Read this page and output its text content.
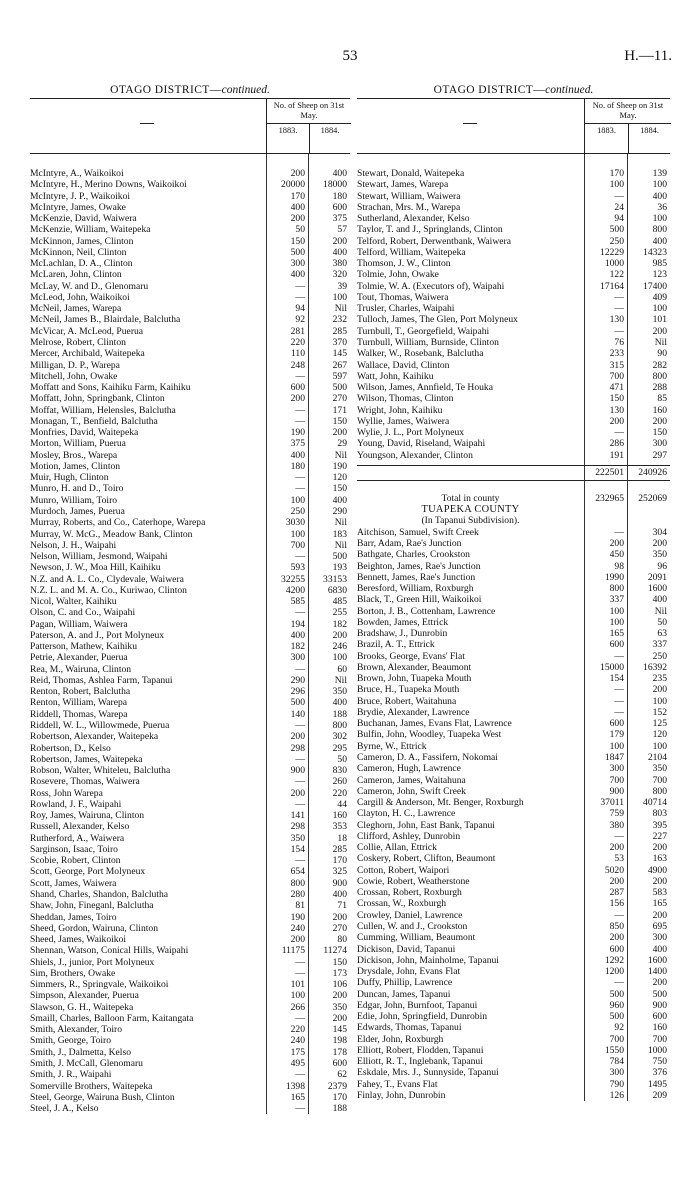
53	H.—11.
OTAGO DISTRICT—continued.
No. of Sheep on 31st May.
1883.	1884.
McIntyre, A., Waikoikoi	200	400
McIntyre, H., Merino Downs, Waikoikoi	20000	18000
McIntyre, J. P., Waikoikoi	170	180
McIntyre, James, Owake	400	600
McKenzie, David, Waiwera	200	375
McKenzie, William, Waitepeka	50	57
McKinnon, James, Clinton	150	200
McKinnon, Neil, Clinton	500	400
McLachlan, D. A., Clinton	300	380
McLaren, John, Clinton	400	320
McLay, W. and D., Glenomaru	—	39
McLeod, John, Waikoikoi	—	100
McNeil, James, Warepa	94	Nil
McNeil, James B., Blairdale, Balclutha	92	232
McVicar, A. McLeod, Puerua	281	285
Melrose, Robert, Clinton	220	370
Mercer, Archibald, Waitepeka	110	145
Milligan, D. P., Warepa	248	267
Mitchell, John, Owake	—	597
Moffatt and Sons, Kaihiku Farm, Kaihiku	600	500
Moffatt, John, Springbank, Clinton	200	270
Moffat, William, Helensles, Balclutha	—	171
Monagan, T., Benfield, Balclutha	—	150
Monfries, David, Waitepeka	190	200
Morton, William, Puerua	375	29
Mosley, Bros., Warepa	400	Nil
Motion, James, Clinton	180	190
Muir, Hugh, Clinton	—	120
Munro, H. and D., Toiro	—	150
Munro, William, Toiro	100	400
Murdoch, James, Puerua	250	290
Murray, Roberts, and Co., Caterhope, Warepa	3030	Nil
Murray, W. McG., Meadow Bank, Clinton	100	183
Nelson, J. H., Waipahi	700	Nil
Nelson, William, Jesmond, Waipahi	—	500
Newson, J. W., Moa Hill, Kaihiku	593	193
N.Z. and A. L. Co., Clydevale, Waiwera	32255	33153
N.Z. L. and M. A. Co., Kuriwao, Clinton	4200	6830
Nicol, Walter, Kaihiku	585	485
Olson, C. and Co., Waipahi	—	255
Pagan, William, Waiwera	194	182
Paterson, A. and J., Port Molyneux	400	200
Patterson, Mathew, Kaihiku	182	246
Petrie, Alexander, Puerua	300	100
Rea, M., Wairuna, Clinton	—	60
Reid, Thomas, Ashlea Farm, Tapanui	290	Nil
Renton, Robert, Balclutha	296	350
Renton, William, Warepa	500	400
Riddell, Thomas, Warepa	140	188
Riddell, W. L., Willowmede, Puerua	—	800
Robertson, Alexander, Waitepeka	200	302
Robertson, D., Kelso	298	295
Robertson, James, Waitepeka	—	50
Robson, Walter, Whiteleu, Balclutha	900	830
Rosevere, Thomas, Waiwera	—	260
Ross, John Warepa	200	220
Rowland, J. F., Waipahi	—	44
Roy, James, Wairuna, Clinton	141	160
Russell, Alexander, Kelso	298	353
Rutherford, A., Waiwera	350	18
Sarginson, Isaac, Toiro	154	285
Scobie, Robert, Clinton	—	170
Scott, George, Port Molyneux	654	325
Scott, James, Waiwera	800	900
Shand, Charles, Shandon, Balclutha	280	400
Shaw, John, Fineganl, Balclutha	81	71
Sheddan, James, Toiro	190	200
Sheed, Gordon, Wairuna, Clinton	240	270
Sheed, James, Waikoikoi	200	80
Shennan, Watson, Conical Hills, Waipahi	11175	11274
Shiels, J., junior, Port Molyneux	—	150
Sim, Brothers, Owake	—	173
Simmers, R., Springvale, Waikoikoi	101	106
Simpson, Alexander, Puerua	100	200
Slawson, G. H., Waitepeka	266	350
Smaill, Charles, Balloon Farm, Kaitangata	—	200
Smith, Alexander, Toiro	220	145
Smith, George, Toiro	240	198
Smith, J., Dalmetta, Kelso	175	178
Smith, J. McCall, Glenomaru	495	600
Smith, J. R., Waipahi	—	62
Somerville Brothers, Waitepeka	1398	2379
Steel, George, Wairuna Bush, Clinton	165	170
Steel, J. A., Kelso	—	188
OTAGO DISTRICT—continued.
No. of Sheep on 31st May.
1883.	1884.
Stewart, Donald, Waitepeka	170	139
Stewart, James, Warepa	100	100
Stewart, William, Waiwera	—	400
Strachan, Mrs. M., Warepa	24	36
Sutherland, Alexander, Kelso	94	100
Taylor, T. and J., Springlands, Clinton	500	800
Telford, Robert, Derwentbank, Waiwera	250	400
Telford, William, Waitepeka	12229	14323
Thomson, J. W., Clinton	1000	985
Tolmie, John, Owake	122	123
Tolmie, W. A. (Executors of), Waipahi	17164	17400
Tout, Thomas, Waiwera	—	409
Trusler, Charles, Waipahi	—	100
Tulloch, James, The Glen, Port Molyneux	130	101
Turnbull, T., Georgefield, Waipahi	—	200
Turnbull, William, Burnside, Clinton	76	Nil
Walker, W., Rosebank, Balclutha	233	90
Wallace, David, Clinton	315	282
Watt, John, Kaihiku	700	800
Wilson, James, Annfield, Te Houka	471	288
Wilson, Thomas, Clinton	150	85
Wright, John, Kaihiku	130	160
Wyllie, James, Waiwera	200	200
Wylie, J. L., Port Molyneux	—	150
Young, David, Riseland, Waipahi	286	300
Youngson, Alexander, Clinton	191	297
222501	240926
Total in county	232965	252069
TUAPEKA COUNTY
(In Tapanui Subdivision).
Aitchison, Samuel, Swift Creek	—	304
Barr, Adam, Rae's Junction	200	200
Bathgate, Charles, Crookston	450	350
Beighton, James, Rae's Junction	98	96
Bennett, James, Rae's Junction	1990	2091
Beresford, William, Roxburgh	800	1600
Black, T., Green Hill, Waikoikoi	337	400
Borton, J. B., Cottenham, Lawrence	100	Nil
Bowden, James, Ettrick	100	50
Bradshaw, J., Dunrobin	165	63
Brazil, A. T., Ettrick	600	337
Brooks, George, Evans' Flat	—	250
Brown, Alexander, Beaumont	15000	16392
Brown, John, Tuapeka Mouth	154	235
Bruce, H., Tuapeka Mouth	—	200
Bruce, Robert, Waitahuna	—	100
Brydie, Alexander, Lawrence	—	152
Buchanan, James, Evans Flat, Lawrence	600	125
Bulfin, John, Woodley, Tuapeka West	179	120
Byrne, W., Ettrick	100	100
Cameron, D. A., Fassifern, Nokomai	1847	2104
Cameron, Hugh, Lawrence	300	350
Cameron, James, Waitahuna	700	700
Cameron, John, Swift Creek	900	800
Cargill & Anderson, Mt. Benger, Roxburgh	37011	40714
Clayton, H. C., Lawrence	759	803
Cleghorn, John, East Bank, Tapanui	380	395
Clifford, Ashley, Dunrobin	—	227
Collie, Allan, Ettrick	200	200
Coskery, Robert, Clifton, Beaumont	53	163
Cotton, Robert, Waipori	5020	4900
Cowie, Robert, Weatherstone	200	200
Crossan, Robert, Roxburgh	287	583
Crossan, W., Roxburgh	156	165
Crowley, Daniel, Lawrence	—	200
Cullen, W. and J., Crookston	850	695
Cumming, William, Beaumont	200	300
Dickison, David, Tapanui	600	400
Dickison, John, Mainholme, Tapanui	1292	1600
Drysdale, John, Evans Flat	1200	1400
Duffy, Phillip, Lawrence	—	200
Duncan, James, Tapanui	500	500
Edgar, John, Burnfoot, Tapanui	960	900
Edie, John, Springfield, Dunrobin	500	600
Edwards, Thomas, Tapanui	92	160
Elder, John, Roxburgh	700	700
Elliott, Robert, Flodden, Tapanui	1550	1000
Elliott, R. T., Inglebank, Tapanui	784	750
Eskdale, Mrs. J., Sunnyside, Tapanui	300	376
Fahey, T., Evans Flat	790	1495
Finlay, John, Dunrobin	126	209
